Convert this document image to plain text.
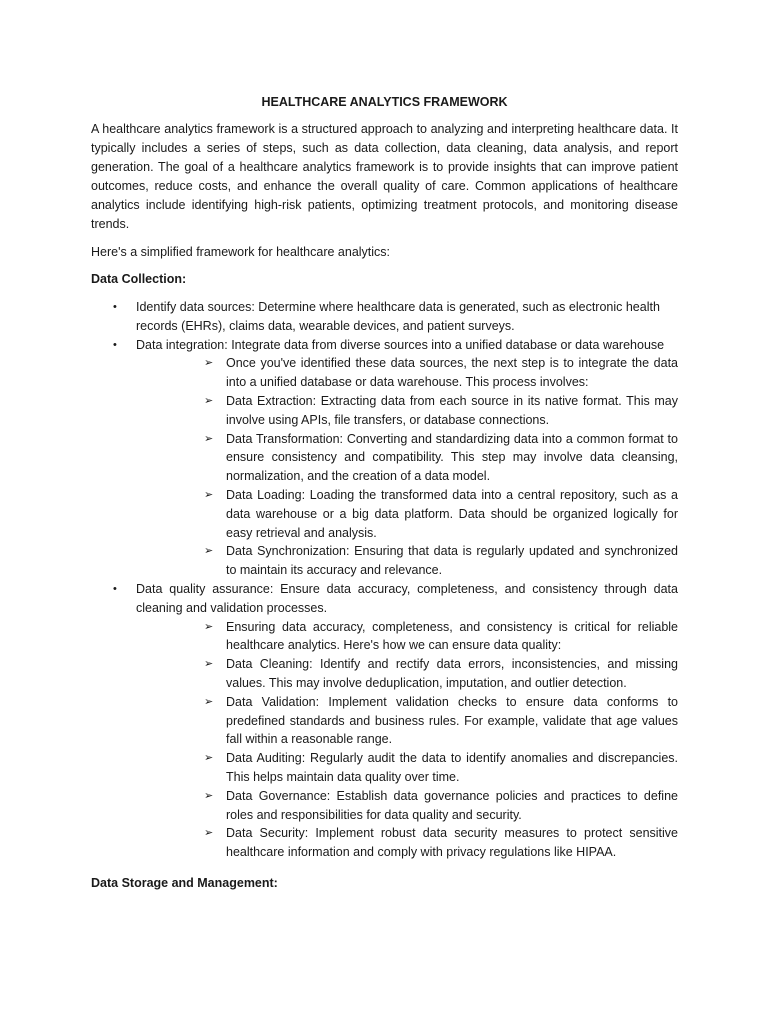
HEALTHCARE ANALYTICS FRAMEWORK

A healthcare analytics framework is a structured approach to analyzing and interpreting healthcare data. It typically includes a series of steps, such as data collection, data cleaning, data analysis, and report generation. The goal of a healthcare analytics framework is to provide insights that can improve patient outcomes, reduce costs, and enhance the overall quality of care. Common applications of healthcare analytics include identifying high-risk patients, optimizing treatment protocols, and monitoring disease trends.

Here's a simplified framework for healthcare analytics:

Data Collection:
• Identify data sources: Determine where healthcare data is generated, such as electronic health records (EHRs), claims data, wearable devices, and patient surveys.
• Data integration: Integrate data from diverse sources into a unified database or data warehouse
➢ Once you've identified these data sources, the next step is to integrate the data into a unified database or data warehouse. This process involves:
➢ Data Extraction: Extracting data from each source in its native format. This may involve using APIs, file transfers, or database connections.
➢ Data Transformation: Converting and standardizing data into a common format to ensure consistency and compatibility. This step may involve data cleansing, normalization, and the creation of a data model.
➢ Data Loading: Loading the transformed data into a central repository, such as a data warehouse or a big data platform. Data should be organized logically for easy retrieval and analysis.
➢ Data Synchronization: Ensuring that data is regularly updated and synchronized to maintain its accuracy and relevance.
• Data quality assurance: Ensure data accuracy, completeness, and consistency through data cleaning and validation processes.
➢ Ensuring data accuracy, completeness, and consistency is critical for reliable healthcare analytics. Here's how we can ensure data quality:
➢ Data Cleaning: Identify and rectify data errors, inconsistencies, and missing values. This may involve deduplication, imputation, and outlier detection.
➢ Data Validation: Implement validation checks to ensure data conforms to predefined standards and business rules. For example, validate that age values fall within a reasonable range.
➢ Data Auditing: Regularly audit the data to identify anomalies and discrepancies. This helps maintain data quality over time.
➢ Data Governance: Establish data governance policies and practices to define roles and responsibilities for data quality and security.
➢ Data Security: Implement robust data security measures to protect sensitive healthcare information and comply with privacy regulations like HIPAA.
Data Storage and Management:
